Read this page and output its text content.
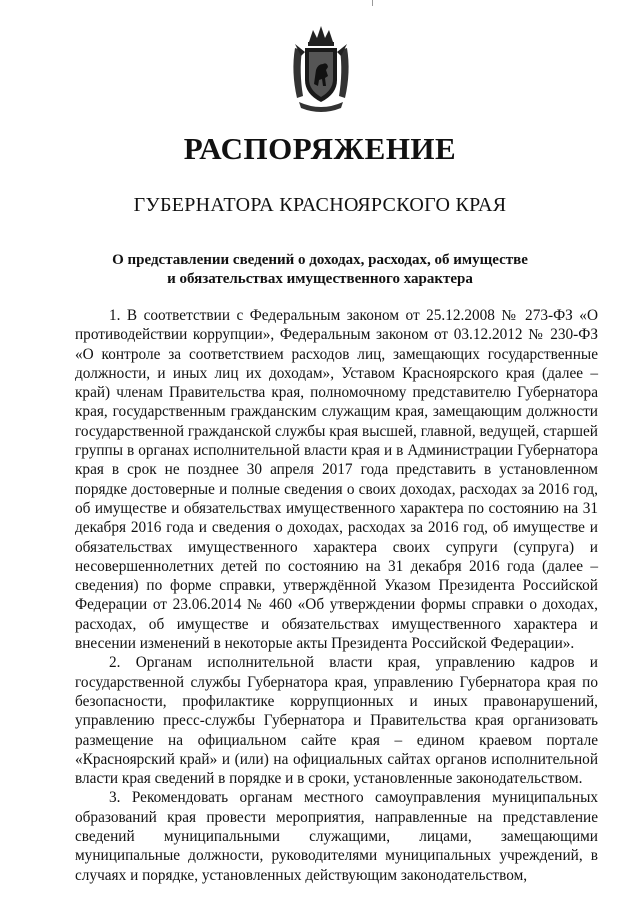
РАСПОРЯЖЕНИЕ
ГУБЕРНАТОРА КРАСНОЯРСКОГО КРАЯ
О представлении сведений о доходах, расходах, об имуществе
и обязательствах имущественного характера

1. В соответствии с Федеральным законом от 25.12.2008 № 273-ФЗ «О противодействии коррупции», Федеральным законом от 03.12.2012 № 230-ФЗ «О контроле за соответствием расходов лиц, замещающих государственные должности, и иных лиц их доходам», Уставом Красноярского края (далее – край) членам Правительства края, полномочному представителю Губернатора края, государственным гражданским служащим края, замещающим должности государственной гражданской службы края высшей, главной, ведущей, старшей группы в органах исполнительной власти края и в Администрации Губернатора края в срок не позднее 30 апреля 2017 года представить в установленном порядке достоверные и полные сведения о своих доходах, расходах за 2016 год, об имуществе и обязательствах имущественного характера по состоянию на 31 декабря 2016 года и сведения о доходах, расходах за 2016 год, об имуществе и обязательствах имущественного характера своих супруги (супруга) и несовершеннолетних детей по состоянию на 31 декабря 2016 года (далее – сведения) по форме справки, утверждённой Указом Президента Российской Федерации от 23.06.2014 № 460 «Об утверждении формы справки о доходах, расходах, об имуществе и обязательствах имущественного характера и внесении изменений в некоторые акты Президента Российской Федерации».

2. Органам исполнительной власти края, управлению кадров и государственной службы Губернатора края, управлению Губернатора края по безопасности, профилактике коррупционных и иных правонарушений, управлению пресс-службы Губернатора и Правительства края организовать размещение на официальном сайте края – едином краевом портале «Красноярский край» и (или) на официальных сайтах органов исполнительной власти края сведений в порядке и в сроки, установленные законодательством.

3. Рекомендовать органам местного самоуправления муниципальных образований края провести мероприятия, направленные на представление сведений муниципальными служащими, лицами, замещающими муниципальные должности, руководителями муниципальных учреждений, в случаях и порядке, установленных действующим законодательством,
